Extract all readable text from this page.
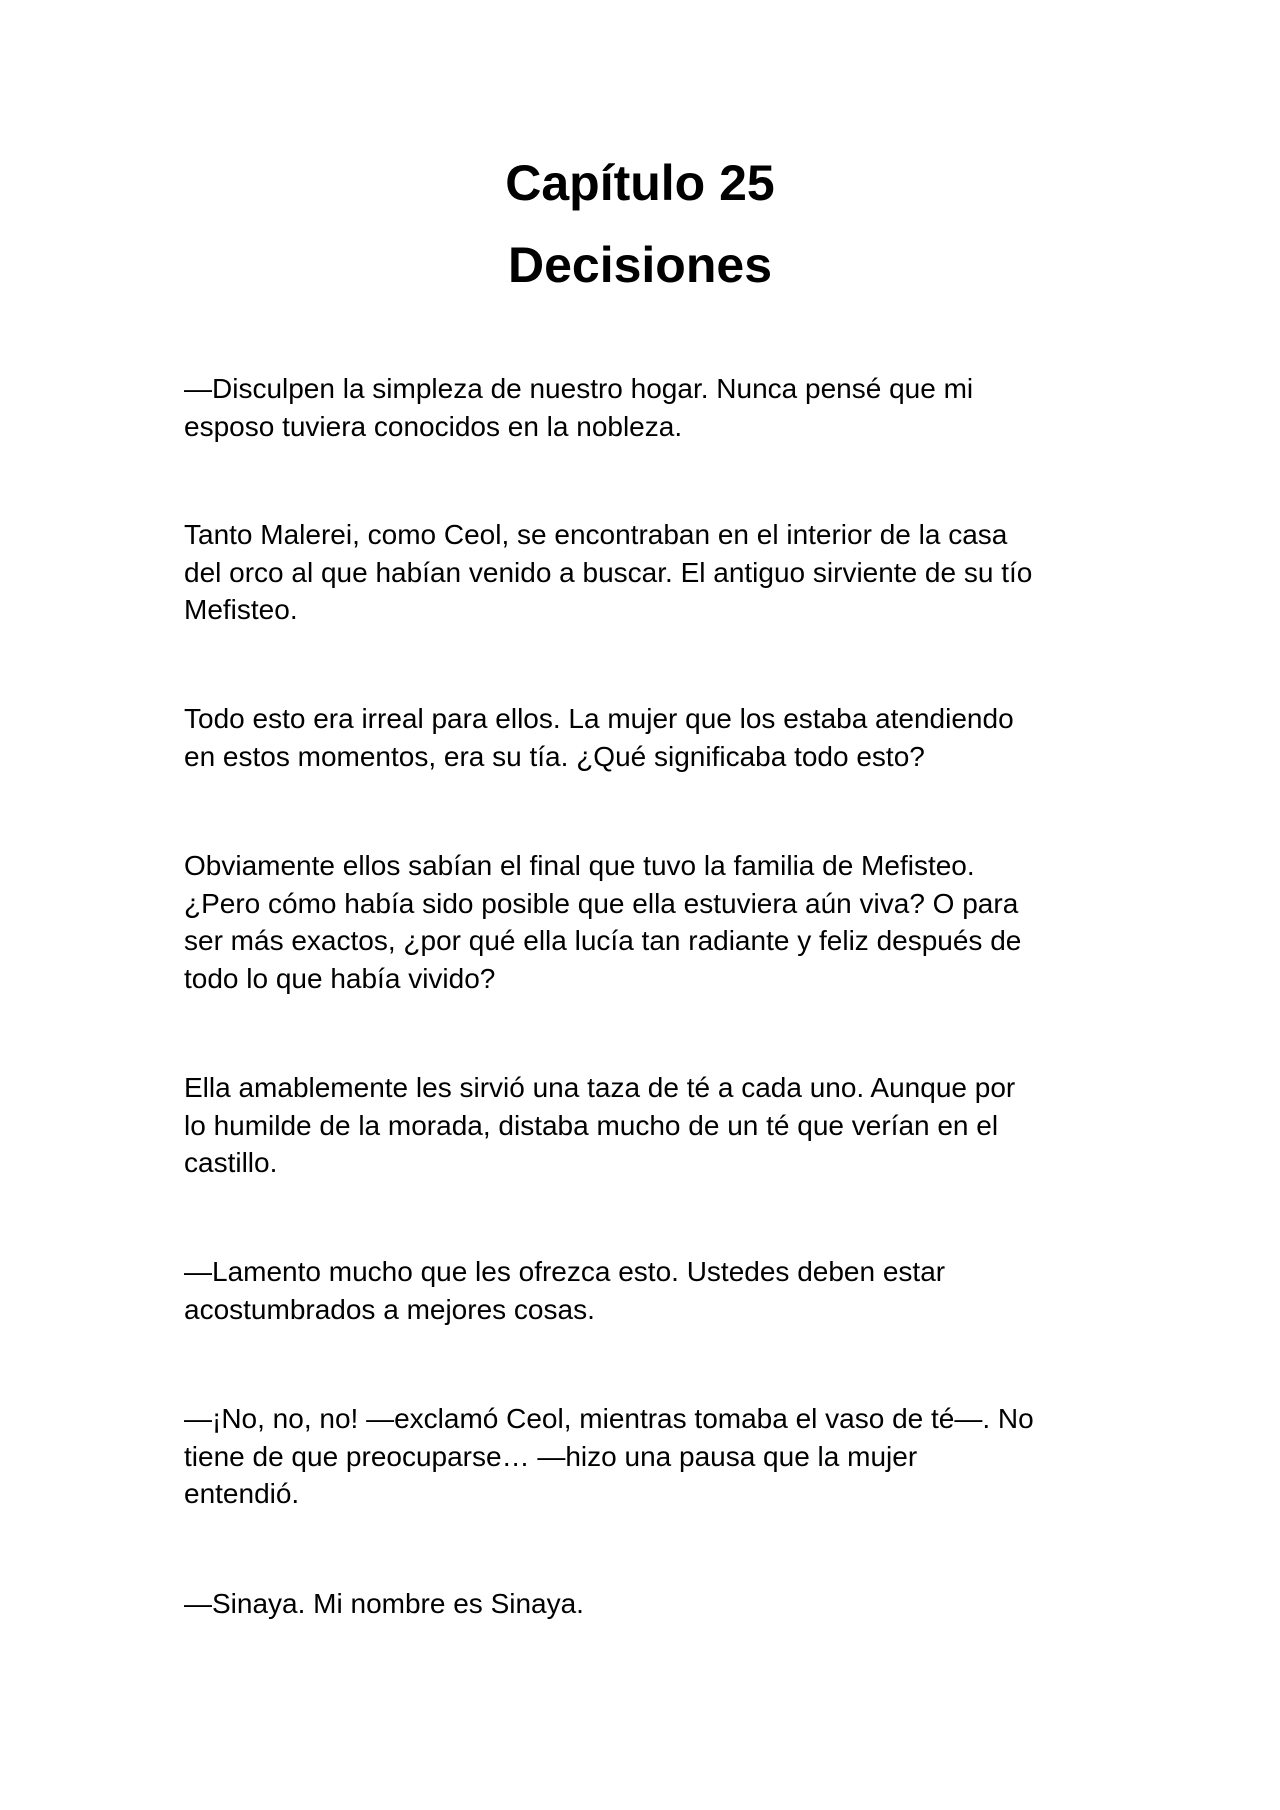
Capítulo 25
Decisiones

—Disculpen la simpleza de nuestro hogar. Nunca pensé que mi
esposo tuviera conocidos en la nobleza.

Tanto Malerei, como Ceol, se encontraban en el interior de la casa
del orco al que habían venido a buscar. El antiguo sirviente de su tío
Mefisteo.

Todo esto era irreal para ellos. La mujer que los estaba atendiendo
en estos momentos, era su tía. ¿Qué significaba todo esto?

Obviamente ellos sabían el final que tuvo la familia de Mefisteo.
¿Pero cómo había sido posible que ella estuviera aún viva? O para
ser más exactos, ¿por qué ella lucía tan radiante y feliz después de
todo lo que había vivido?

Ella amablemente les sirvió una taza de té a cada uno. Aunque por
lo humilde de la morada, distaba mucho de un té que verían en el
castillo.

—Lamento mucho que les ofrezca esto. Ustedes deben estar
acostumbrados a mejores cosas.

—¡No, no, no! —exclamó Ceol, mientras tomaba el vaso de té—. No
tiene de que preocuparse… —hizo una pausa que la mujer
entendió.

—Sinaya. Mi nombre es Sinaya.
